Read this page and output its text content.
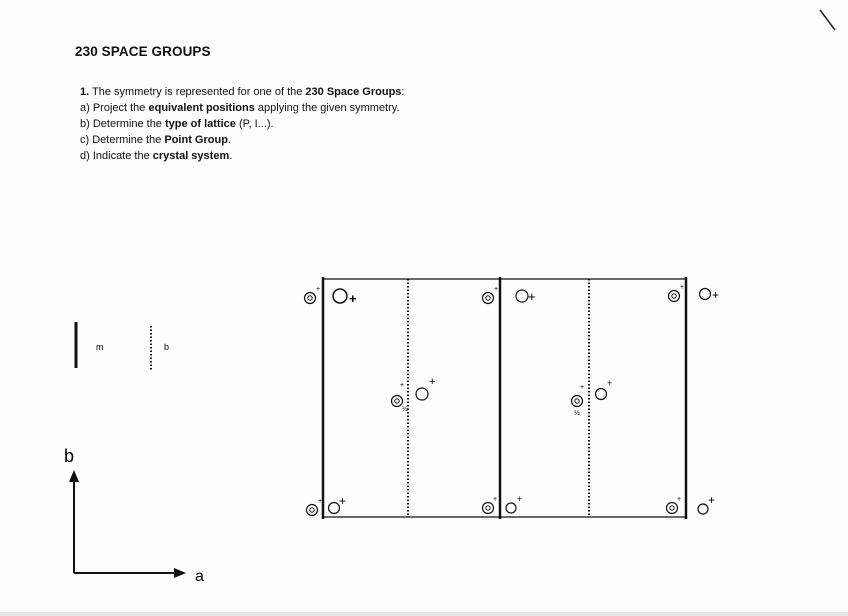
230 SPACE GROUPS
1. The symmetry is represented for one of the 230 Space Groups:
a) Project the equivalent positions applying the given symmetry.
b) Determine the type of lattice (P, I...).
c) Determine the Point Group.
d) Indicate the crystal system.
m	b
b
a
+
+
+ +
+
+
+
½
+	+
½
+
+ +	+ +	+ +
